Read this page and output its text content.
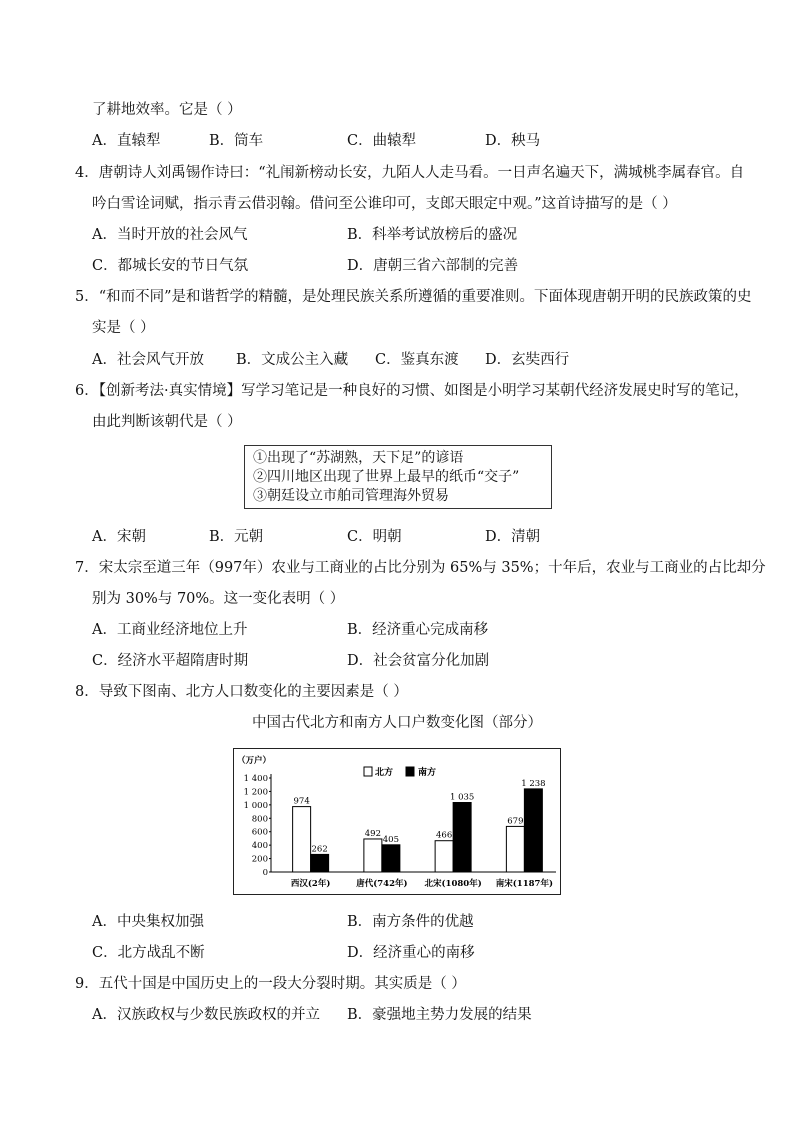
了耕地效率。它是（ ）
A．直辕犁	B．筒车	C．曲辕犁	D．秧马
4．唐朝诗人刘禹锡作诗曰：“礼闱新榜动长安，九陌人人走马看。一日声名遍天下，满城桃李属春官。自
吟白雪诠词赋，指示青云借羽翰。借问至公谁印可，支郎天眼定中观。”这首诗描写的是（ ）
A．当时开放的社会风气	B．科举考试放榜后的盛况
C．都城长安的节日气氛	D．唐朝三省六部制的完善
5．“和而不同”是和谐哲学的精髓，是处理民族关系所遵循的重要准则。下面体现唐朝开明的民族政策的史
实是（ ）
A．社会风气开放 B．文成公主入藏 C．鉴真东渡 D．玄奘西行
6．【创新考法·真实情境】写学习笔记是一种良好的习惯、如图是小明学习某朝代经济发展史时写的笔记，
由此判断该朝代是（ ）
①出现了“苏湖熟，天下足”的谚语
②四川地区出现了世界上最早的纸币“交子”
③朝廷设立市舶司管理海外贸易
A．宋朝	B．元朝	C．明朝	D．清朝
7．宋太宗至道三年（997年）农业与工商业的占比分别为 65%与 35%；十年后，农业与工商业的占比却分
别为 30%与 70%。这一变化表明（ ）
A．工商业经济地位上升	B．经济重心完成南移
C．经济水平超隋唐时期	D．社会贫富分化加剧
8．导致下图南、北方人口数变化的主要因素是（ ）
中国古代北方和南方人口户数变化图（部分）
（万户）
0
200
400
600
800
1 000
1 200
1 400
北方	南方
974
262
西汉(2年)
492
405
唐代(742年)
466
1 035
北宋(1080年)
679
1 238
南宋(1187年)
A．中央集权加强	B．南方条件的优越
C．北方战乱不断	D．经济重心的南移
9．五代十国是中国历史上的一段大分裂时期。其实质是（ ）
A．汉族政权与少数民族政权的并立 B．豪强地主势力发展的结果
